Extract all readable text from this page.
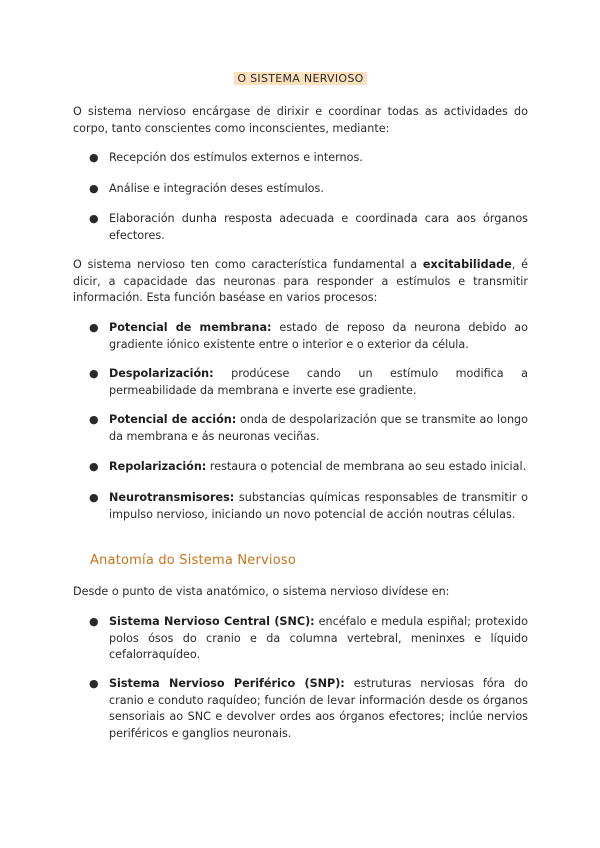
O SISTEMA NERVIOSO

O sistema nervioso encárgase de dirixir e coordinar todas as actividades do corpo, tanto conscientes como inconscientes, mediante:

● Recepción dos estímulos externos e internos.
● Análise e integración deses estímulos.
● Elaboración dunha resposta adecuada e coordinada cara aos órganos efectores.

O sistema nervioso ten como característica fundamental a excitabilidade, é dicir, a capacidade das neuronas para responder a estímulos e transmitir información. Esta función baséase en varios procesos:

● Potencial de membrana: estado de reposo da neurona debido ao gradiente iónico existente entre o interior e o exterior da célula.
● Despolarización: prodúcese cando un estímulo modifica a permeabilidade da membrana e inverte ese gradiente.
● Potencial de acción: onda de despolarización que se transmite ao longo da membrana e ás neuronas veciñas.
● Repolarización: restaura o potencial de membrana ao seu estado inicial.
● Neurotransmisores: substancias químicas responsables de transmitir o impulso nervioso, iniciando un novo potencial de acción noutras células.
Anatomía do Sistema Nervioso

Desde o punto de vista anatómico, o sistema nervioso divídese en:

● Sistema Nervioso Central (SNC): encéfalo e medula espiñal; protexido polos ósos do cranio e da columna vertebral, meninxes e líquido cefalorraquídeo.
● Sistema Nervioso Periférico (SNP): estruturas nerviosas fóra do cranio e conduto raquídeo; función de levar información desde os órganos sensoriais ao SNC e devolver ordes aos órganos efectores; inclúe nervios periféricos e ganglios neuronais.
